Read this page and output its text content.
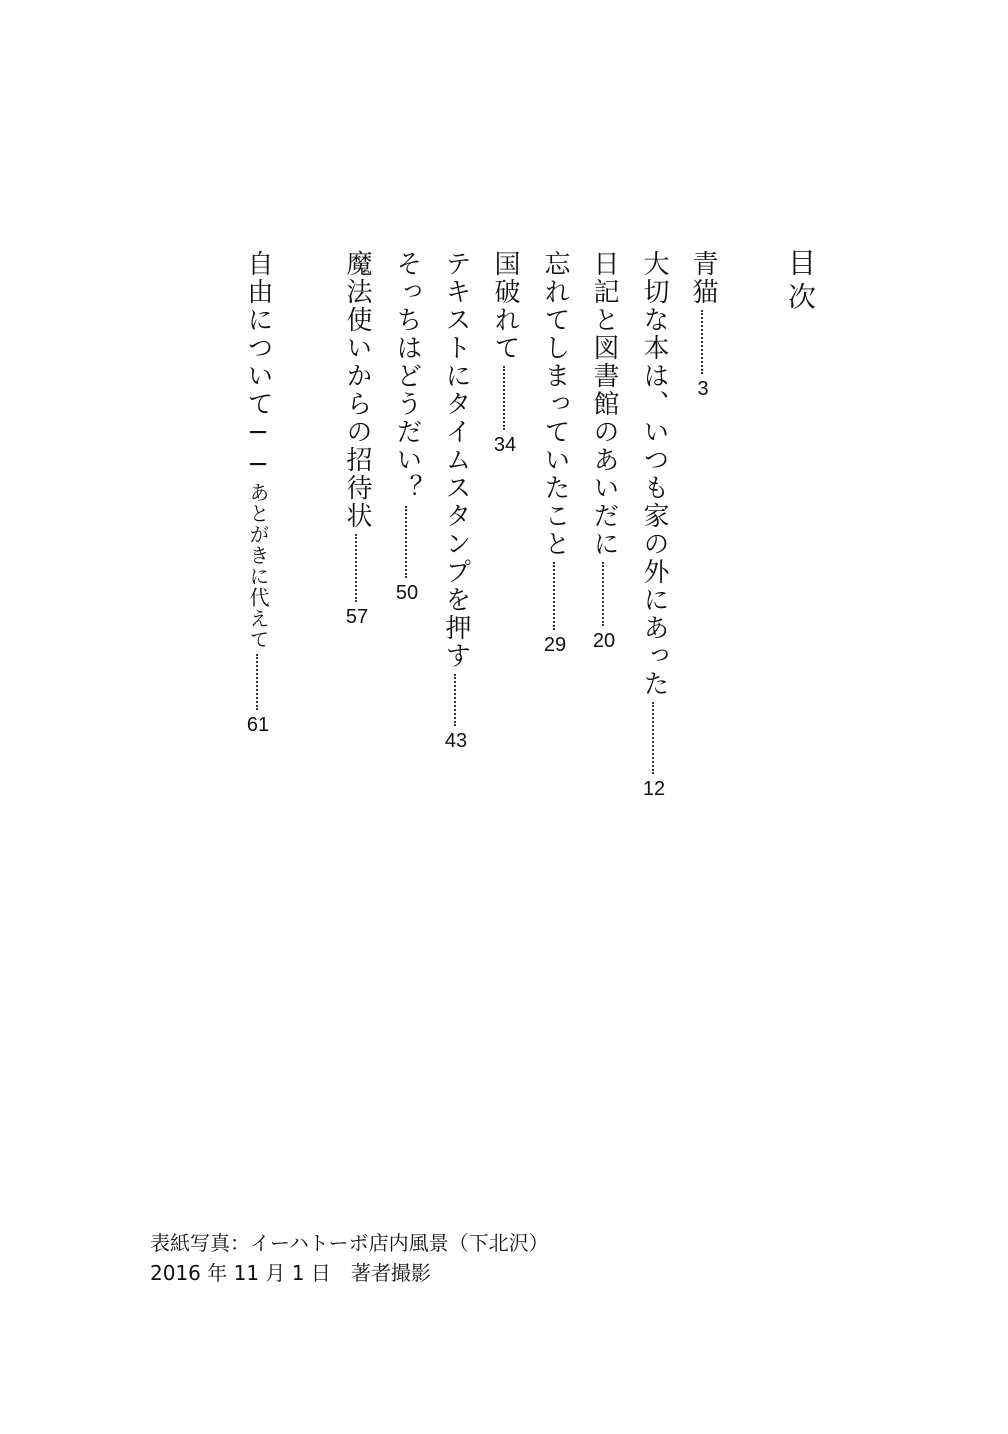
目次
青猫
3
大切な本は、いつも家の外にあった
12
日記と図書館のあいだに
20
忘れてしまっていたこと
29
国破れて
34
テキストにタイムスタンプを押す
43
そっちはどうだい？
50
魔法使いからの招待状
57
自由について──
あとがきに代えて
61
表紙写真：イーハトーボ店内風景（下北沢）
2016 年 11 月 1 日　著者撮影
